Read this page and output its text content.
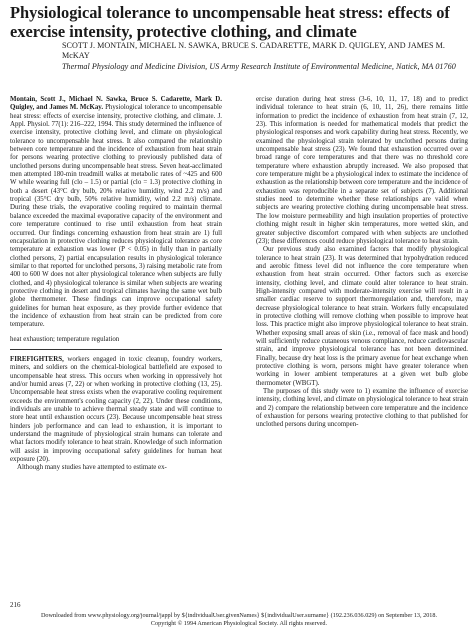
Physiological tolerance to uncompensable heat stress: effects of exercise intensity, protective clothing, and climate
SCOTT J. MONTAIN, MICHAEL N. SAWKA, BRUCE S. CADARETTE, MARK D. QUIGLEY, AND JAMES M. McKAY
Thermal Physiology and Medicine Division, US Army Research Institute of Environmental Medicine, Natick, MA 01760

Montain, Scott J., Michael N. Sawka, Bruce S. Cadarette, Mark D. Quigley, and James M. McKay. Physiological tolerance to uncompensable heat stress: effects of exercise intensity, protective clothing, and climate. J. Appl. Physiol. 77(1): 216–222, 1994. This study determined the influence of exercise intensity, protective clothing level, and climate on physiological tolerance to uncompensable heat stress. It also compared the relationship between core temperature and the incidence of exhaustion from heat strain for persons wearing protective clothing to previously published data of unclothed persons during uncompensable heat stress. Seven heat-acclimated men attempted 180-min treadmill walks at metabolic rates of ~425 and 600 W while wearing full (clo – 1.5) or partial (clo = 1.3) protective clothing in both a desert (43°C dry bulb, 20% relative humidity, wind 2.2 m/s) and tropical (35°C dry bulb, 50% relative humidity, wind 2.2 m/s) climate. During these trials, the evaporative cooling required to maintain thermal balance exceeded the maximal evaporative capacity of the environment and core temperature continued to rise until exhaustion from heat strain occurred. Our findings concerning exhaustion from heat strain are 1) full encapsulation in protective clothing reduces physiological tolerance as core temperature at exhaustion was lower (P < 0.05) in fully than in partially clothed persons, 2) partial encapsulation results in physiological tolerance similar to that reported for unclothed persons, 3) raising metabolic rate from 400 to 600 W does not alter physiological tolerance when subjects are fully clothed, and 4) physiological tolerance is similar when subjects are wearing protective clothing in desert and tropical climates having the same wet bulb globe thermometer. These findings can improve occupational safety guidelines for human heat exposure, as they provide further evidence that the incidence of exhaustion from heat strain can be predicted from core temperature.

heat exhaustion; temperature regulation

FIREFIGHTERS, workers engaged in toxic cleanup, foundry workers, miners, and soldiers on the chemical-biological battlefield are exposed to uncompensable heat stress. This occurs when working in oppressively hot and/or humid areas (7, 22) or when working in protective clothing (13, 25). Uncompensable heat stress exists when the evaporative cooling requirement exceeds the environment's cooling capacity (2, 22). Under these conditions, individuals are unable to achieve thermal steady state and will continue to store heat until exhaustion occurs (23). Because uncompensable heat stress hinders job performance and can lead to exhaustion, it is important to understand the magnitude of physiological strain humans can tolerate and what factors modify tolerance to heat strain. Knowledge of such information will assist in improving occupational safety guidelines for human heat exposure (20).

Although many studies have attempted to estimate ex-

ercise duration during heat stress (3-6, 10, 11, 17, 18) and to predict individual tolerance to heat strain (6, 10, 11, 26), there remains little information to predict the incidence of exhaustion from heat strain (7, 12, 23). This information is needed for mathematical models that predict the physiological responses and work capability during heat stress. Recently, we examined the physiological strain tolerated by unclothed persons during uncompensable heat stress (23). We found that exhaustion occurred over a broad range of core temperatures and that there was no threshold core temperature where exhaustion abruptly increased. We also proposed that core temperature might be a physiological index to estimate the incidence of exhaustion as the relationship between core temperature and the incidence of exhaustion was reproducible in a separate set of subjects (7). Additional studies need to determine whether these relationships are valid when subjects are wearing protective clothing during uncompensable heat stress. The low moisture permeability and high insulation properties of protective clothing might result in higher skin temperatures, more wetted skin, and greater subjective discomfort compared with when subjects are unclothed (23); these differences could reduce physiological tolerance to heat strain.

Our previous study also examined factors that modify physiological tolerance to heat strain (23). It was determined that hypohydration reduced and aerobic fitness level did not influence the core temperature when exhaustion from heat strain occurred. Other factors such as exercise intensity, clothing level, and climate could alter tolerance to heat strain. High-intensity compared with moderate-intensity exercise will result in a smaller cardiac reserve to support thermoregulation and, therefore, may decrease physiological tolerance to heat strain. Workers fully encapsulated in protective clothing will remove clothing when possible to improve heat loss. This practice might also improve physiological tolerance to heat strain. Whether exposing small areas of skin (i.e., removal of face mask and hood) will sufficiently reduce cutaneous venous compliance, reduce cardiovascular strain, and improve physiological tolerance has not been determined. Finally, because dry heat loss is the primary avenue for heat exchange when protective clothing is worn, persons might have greater tolerance when working in lower ambient temperatures at a given wet bulb globe thermometer (WBGT).

The purposes of this study were to 1) examine the influence of exercise intensity, clothing level, and climate on physiological tolerance to heat strain and 2) compare the relationship between core temperature and the incidence of exhaustion for persons wearing protective clothing to that published for unclothed persons during uncompen-

216
Downloaded from www.physiology.org/journal/jappl by ${individualUser.givenNames} ${individualUser.surname} (192.236.036.029) on September 13, 2018.
Copyright © 1994 American Physiological Society. All rights reserved.
